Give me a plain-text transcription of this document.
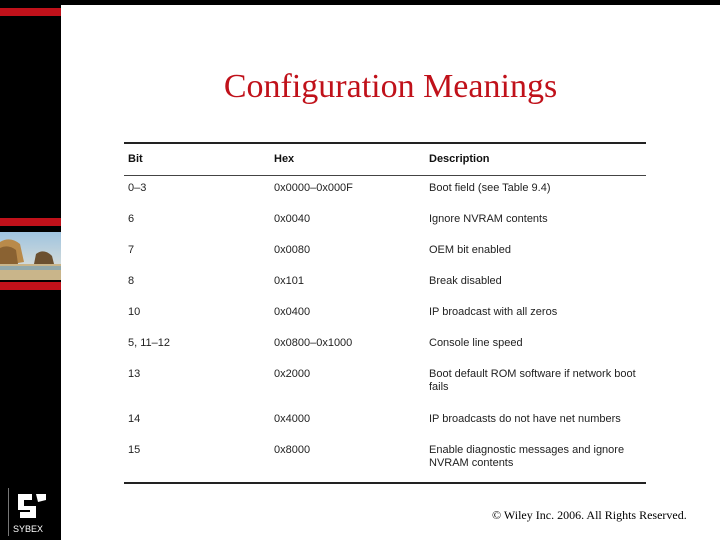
SYBEX
Configuration Meanings
Bit	Hex	Description
0–3	0x0000–0x000F	Boot field (see Table 9.4)
6	0x0040	Ignore NVRAM contents
7	0x0080	OEM bit enabled
8	0x101	Break disabled
10	0x0400	IP broadcast with all zeros
5, 11–12	0x0800–0x1000	Console line speed
13	0x2000	Boot default ROM software if network boot fails
14	0x4000	IP broadcasts do not have net numbers
15	0x8000	Enable diagnostic messages and ignore NVRAM contents
© Wiley Inc. 2006. All Rights Reserved.
